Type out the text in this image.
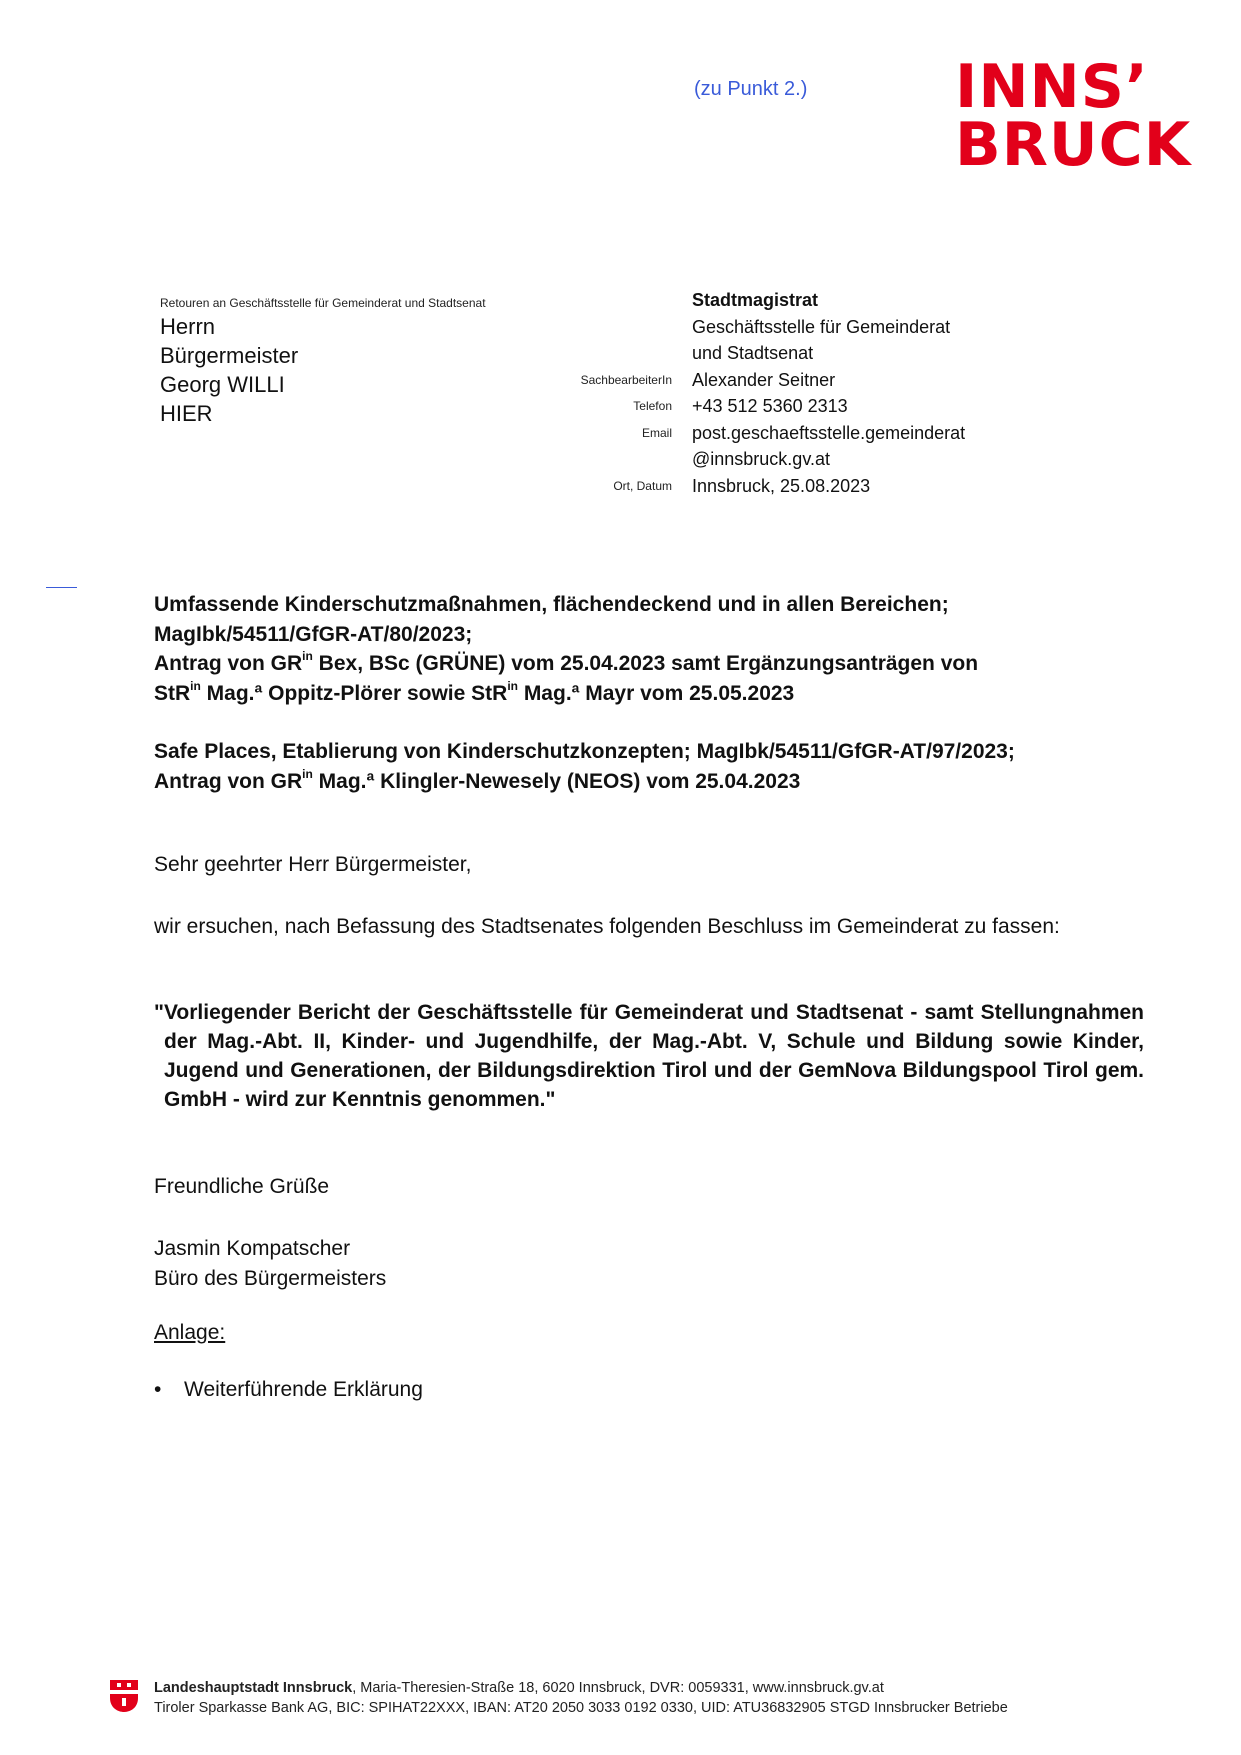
(zu Punkt 2.) INNS’
BRUCK
Retouren an Geschäftsstelle für Gemeinderat und Stadtsenat
Herrn
Bürgermeister
Georg WILLI
HIER
SachbearbeiterIn
Telefon
Email
Ort, Datum
Stadtmagistrat
Geschäftsstelle für Gemeinderat
und Stadtsenat
Alexander Seitner
+43 512 5360 2313
post.geschaeftsstelle.gemeinderat
@innsbruck.gv.at
Innsbruck, 25.08.2023

Umfassende Kinderschutzmaßnahmen, flächendeckend und in allen Bereichen;

MagIbk/54511/GfGR-AT/80/2023;

Antrag von $GR^{in}$ Bex, BSc (GRÜNE) vom 25.04.2023 samt Ergänzungsanträgen von

StR$^{in}$ Mag.ª Oppitz-Plörer sowie StR$^{in}$ Mag.ª Mayr vom 25.05.2023

Safe Places, Etablierung von Kinderschutzkonzepten; MagIbk/54511/GfGR-AT/97/2023;

Antrag von $GR^{in}$ Mag.ª Klingler-Newesely (NEOS) vom 25.04.2023

Sehr geehrter Herr Bürgermeister,
wir ersuchen, nach Befassung des Stadtsenates folgenden Beschluss im Gemeinderat zu fassen:
"Vorliegender Bericht der Geschäftsstelle für Gemeinderat und Stadtsenat - samt Stellungnahmen der Mag.-Abt. II, Kinder- und Jugendhilfe, der Mag.-Abt. V, Schule und Bildung sowie Kinder, Jugend und Generationen, der Bildungsdirektion Tirol und der GemNova Bildungspool Tirol gem. GmbH - wird zur Kenntnis genommen."
Freundliche Grüße
Jasmin Kompatscher
Büro des Bürgermeisters
Anlage:
• Weiterführende Erklärung
Landeshauptstadt Innsbruck, Maria-Theresien-Straße 18, 6020 Innsbruck, DVR: 0059331, www.innsbruck.gv.at
Tiroler Sparkasse Bank AG, BIC: SPIHAT22XXX, IBAN: AT20 2050 3033 0192 0330, UID: ATU36832905 STGD Innsbrucker Betriebe
